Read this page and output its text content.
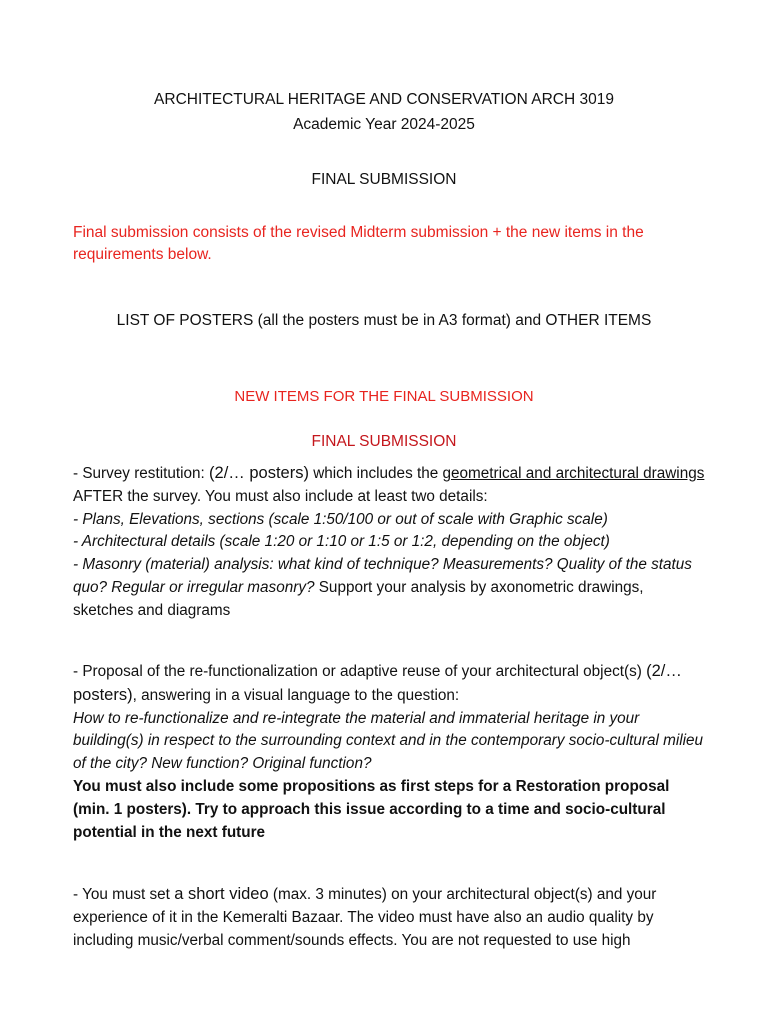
ARCHITECTURAL HERITAGE AND CONSERVATION ARCH 3019

Academic Year 2024-2025

FINAL SUBMISSION

Final submission consists of the revised Midterm submission + the new items in the requirements below.

LIST OF POSTERS (all the posters must be in A3 format) and OTHER ITEMS

NEW ITEMS FOR THE FINAL SUBMISSION

FINAL SUBMISSION

- Survey restitution: (2/… posters) which includes the geometrical and architectural drawings AFTER the survey. You must also include at least two details:

- Plans, Elevations, sections (scale 1:50/100 or out of scale with Graphic scale)

- Architectural details (scale 1:20 or 1:10 or 1:5 or 1:2, depending on the object)

- Masonry (material) analysis: what kind of technique? Measurements? Quality of the status quo? Regular or irregular masonry? Support your analysis by axonometric drawings, sketches and diagrams

- Proposal of the re-functionalization or adaptive reuse of your architectural object(s) (2/… posters), answering in a visual language to the question:

How to re-functionalize and re-integrate the material and immaterial heritage in your building(s) in respect to the surrounding context and in the contemporary socio-cultural milieu of the city? New function? Original function?

You must also include some propositions as first steps for a Restoration proposal (min. 1 posters). Try to approach this issue according to a time and socio-cultural potential in the next future

- You must set a short video (max. 3 minutes) on your architectural object(s) and your experience of it in the Kemeralti Bazaar. The video must have also an audio quality by including music/verbal comment/sounds effects. You are not requested to use high
